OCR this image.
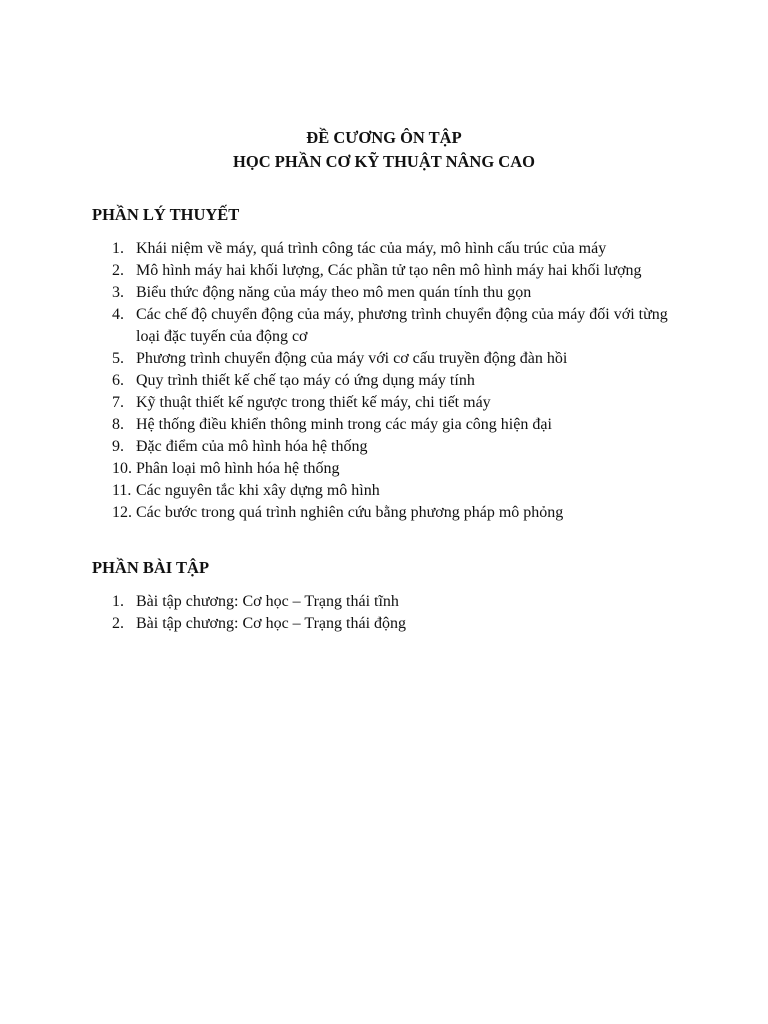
ĐỀ CƯƠNG ÔN TẬP
HỌC PHẦN CƠ KỸ THUẬT NÂNG CAO
PHẦN LÝ THUYẾT
1. Khái niệm về máy, quá trình công tác của máy, mô hình cấu trúc của máy
2. Mô hình máy hai khối lượng, Các phần tử tạo nên mô hình máy hai khối lượng
3. Biểu thức động năng của máy theo mô men quán tính thu gọn
4. Các chế độ chuyển động của máy, phương trình chuyển động của máy đối với từng loại đặc tuyến của động cơ
5. Phương trình chuyển động của máy với cơ cấu truyền động đàn hồi
6. Quy trình thiết kế chế tạo máy có ứng dụng máy tính
7. Kỹ thuật thiết kế ngược trong thiết kế máy, chi tiết máy
8. Hệ thống điều khiển thông minh trong các máy gia công hiện đại
9. Đặc điểm của mô hình hóa hệ thống
10. Phân loại mô hình hóa hệ thống
11. Các nguyên tắc khi xây dựng mô hình
12. Các bước trong quá trình nghiên cứu bằng phương pháp mô phỏng
PHẦN BÀI TẬP
1. Bài tập chương: Cơ học – Trạng thái tĩnh
2. Bài tập chương: Cơ học – Trạng thái động
